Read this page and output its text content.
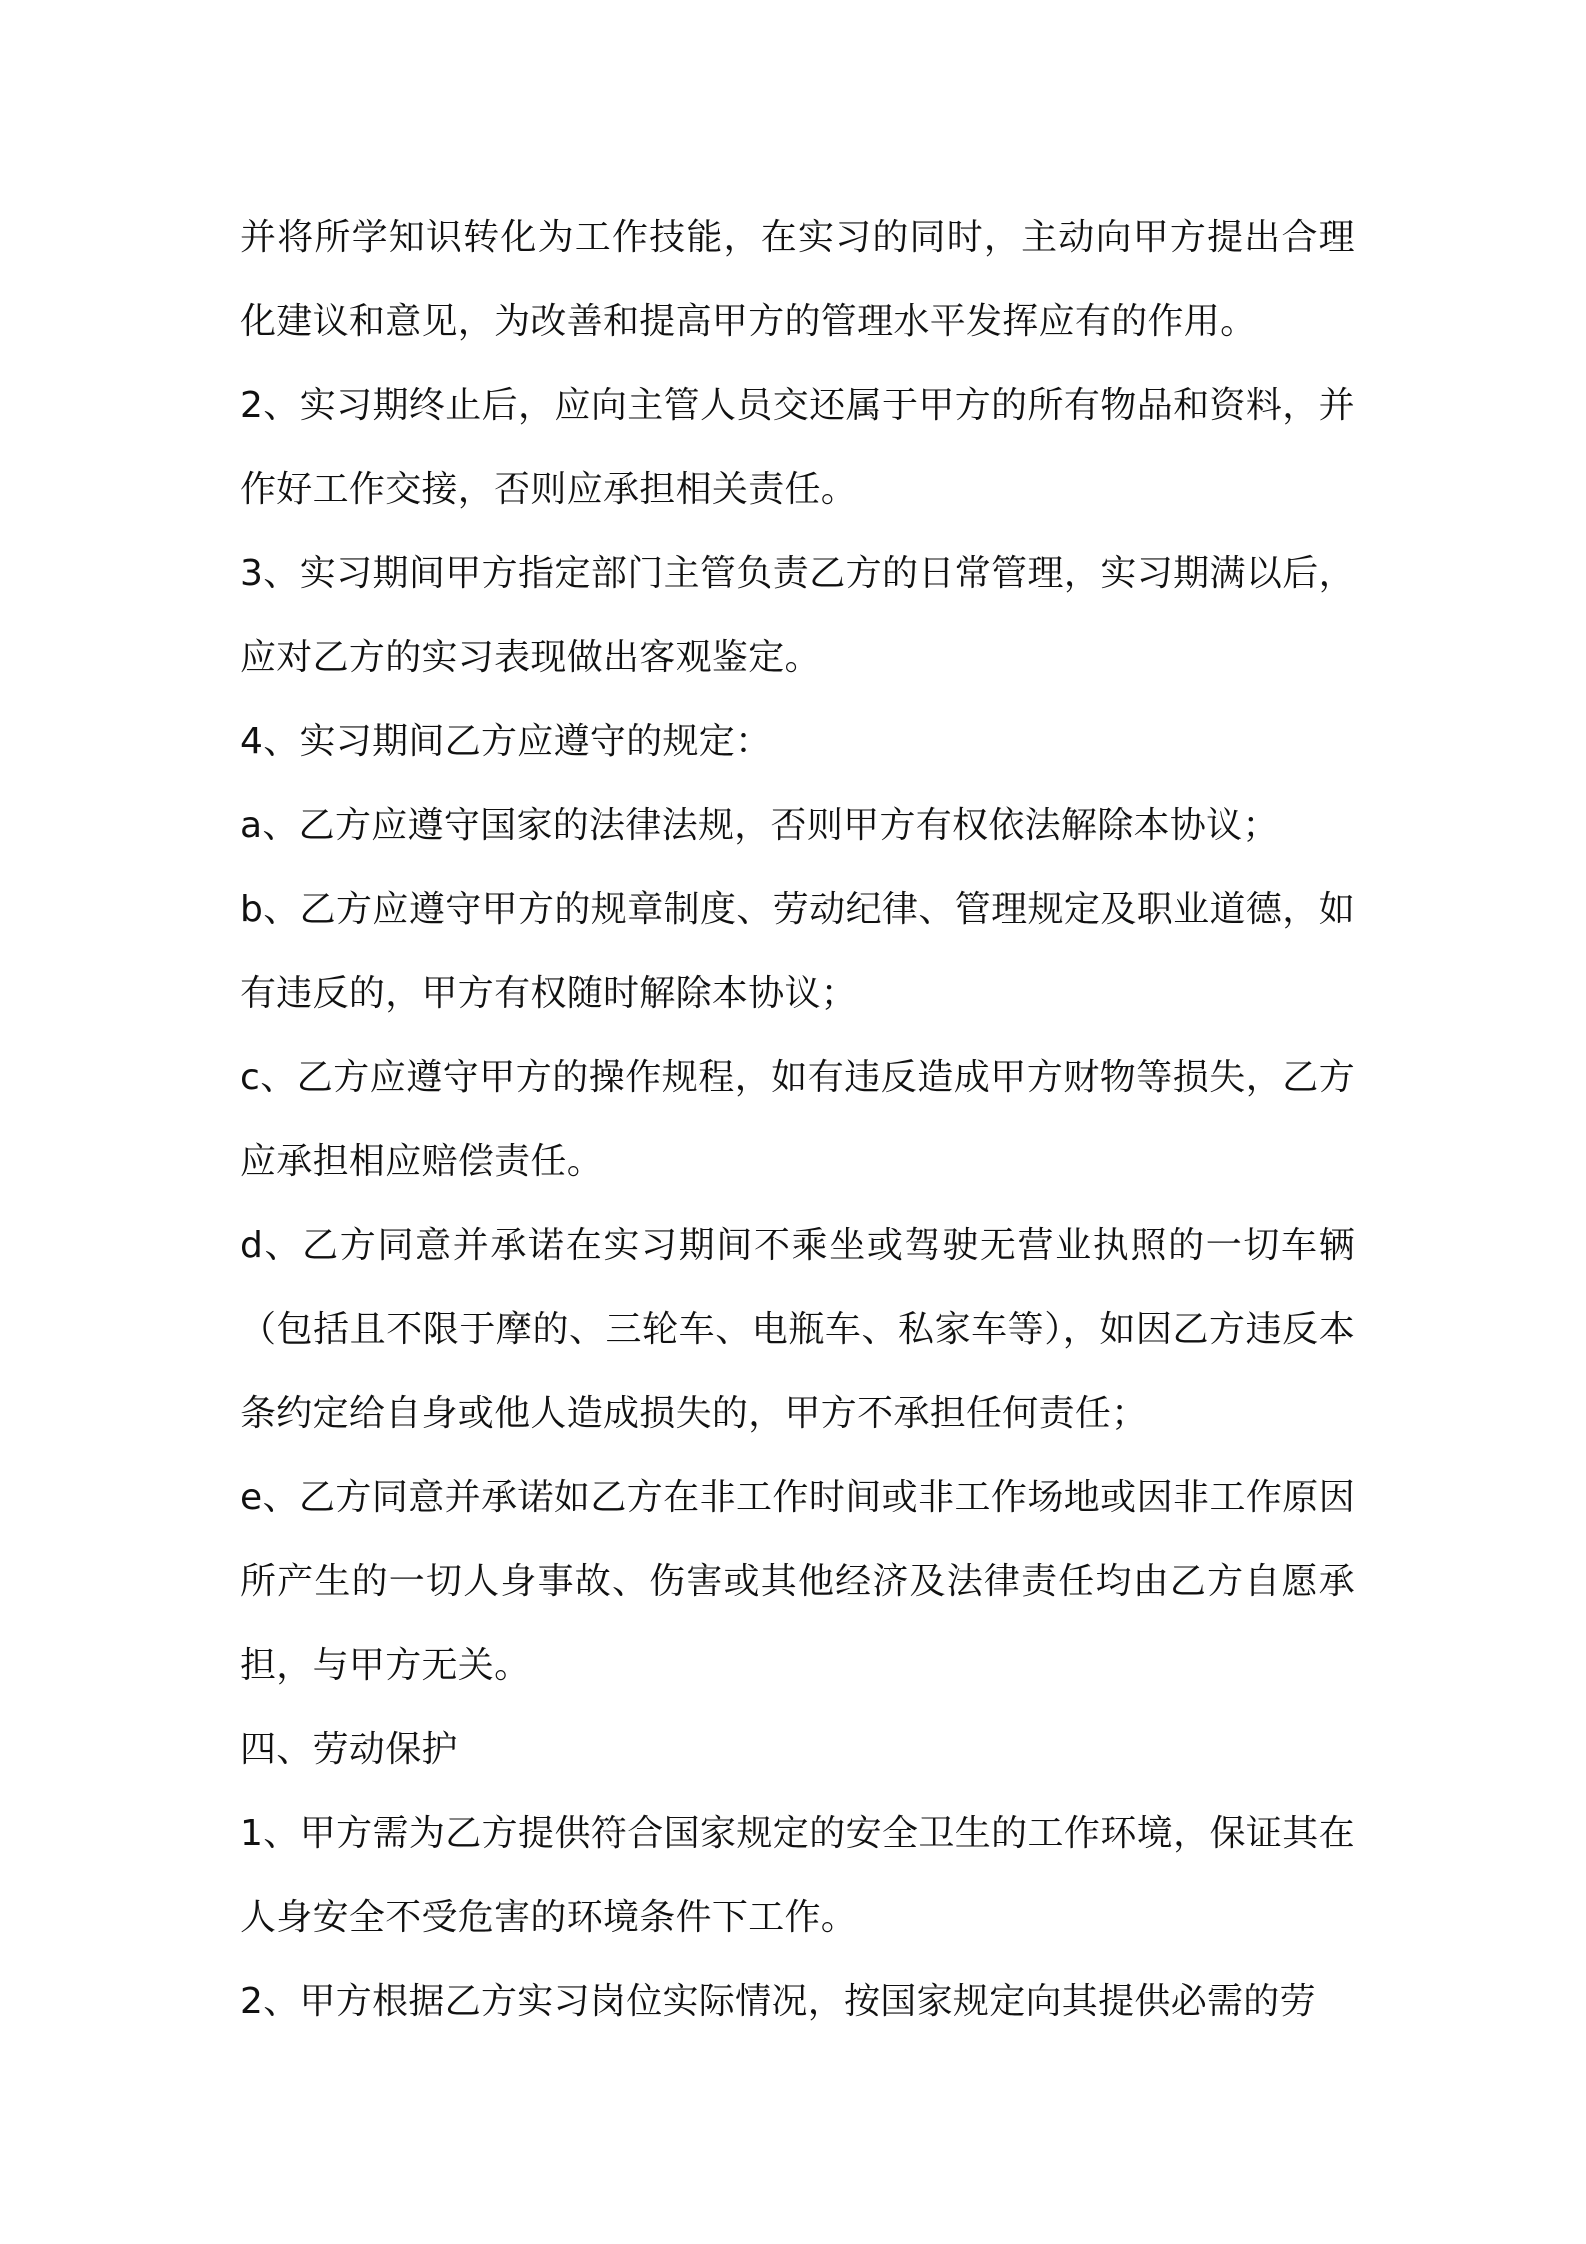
并将所学知识转化为工作技能，在实习的同时，主动向甲方提出合理化建议和意见，为改善和提高甲方的管理水平发挥应有的作用。

2、实习期终止后，应向主管人员交还属于甲方的所有物品和资料，并作好工作交接，否则应承担相关责任。

3、实习期间甲方指定部门主管负责乙方的日常管理，实习期满以后，应对乙方的实习表现做出客观鉴定。

4、实习期间乙方应遵守的规定：

a、乙方应遵守国家的法律法规，否则甲方有权依法解除本协议；

b、乙方应遵守甲方的规章制度、劳动纪律、管理规定及职业道德，如有违反的，甲方有权随时解除本协议；

c、乙方应遵守甲方的操作规程，如有违反造成甲方财物等损失，乙方应承担相应赔偿责任。

d、乙方同意并承诺在实习期间不乘坐或驾驶无营业执照的一切车辆（包括且不限于摩的、三轮车、电瓶车、私家车等），如因乙方违反本条约定给自身或他人造成损失的，甲方不承担任何责任；

e、乙方同意并承诺如乙方在非工作时间或非工作场地或因非工作原因所产生的一切人身事故、伤害或其他经济及法律责任均由乙方自愿承担，与甲方无关。

四、劳动保护

1、甲方需为乙方提供符合国家规定的安全卫生的工作环境，保证其在人身安全不受危害的环境条件下工作。

2、甲方根据乙方实习岗位实际情况，按国家规定向其提供必需的劳
